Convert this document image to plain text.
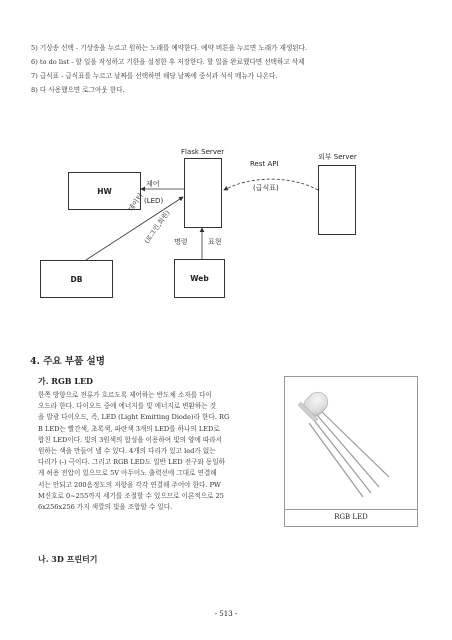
5) 기상송 선택 - 기상송을 누르고 원하는 노래를 예약한다. 예약 버튼을 누르면 노래가 재생된다.
6) to do list - 할 일을 작성하고 기한을 설정한 후 저장한다. 할 일을 완료했다면 선택하고 삭제
7) 급식표 - 급식표를 누르고 날짜를 선택하면 해당 날짜에 중식과 석식 메뉴가 나온다.
8) 다 사용했으면 로그아웃 한다.
Flask Server
외부 Server
HW
DB	Web
제어
(LED)
데이터
(로그인,회원) 명령	표현
Rest API
(급식표)
4. 주요 부품 설명
가. RGB LED
한쪽 방향으로 전류가 흐르도록 제어하는 반도체 소자를 다이
오드라 한다. 다이오드 중에 에너지를 빛 에너지로 변환하는 것
을 발광 다이오드, 즉, LED (Light Emitting Diode)라 한다. RG
B LED는 빨간색, 초록색, 파란색 3개의 LED를 하나의 LED로
합친 LED이다. 빛의 3원색의 합성을 이용하여 빛의 양에 따라서
원하는 색을 만들어 낼 수 있다. 4개의 다리가 있고 led가 없는
다리가 (-) 극이다. 그리고 RGB LED도 일반 LED 전구와 동일하
게 허용 전압이 있으므로 5V 아두이노 출력선에 그대로 연결해
서는 안되고 200옴정도의 저항을 각각 연결해 주어야 한다. PW
M신호로 0~255까지 세기를 조절할 수 있으므로 이론적으로 25
6x256x256 가지 색깔의 빛을 조합할 수 있다.
RGB LED
나. 3D 프린터기
- 513 -
